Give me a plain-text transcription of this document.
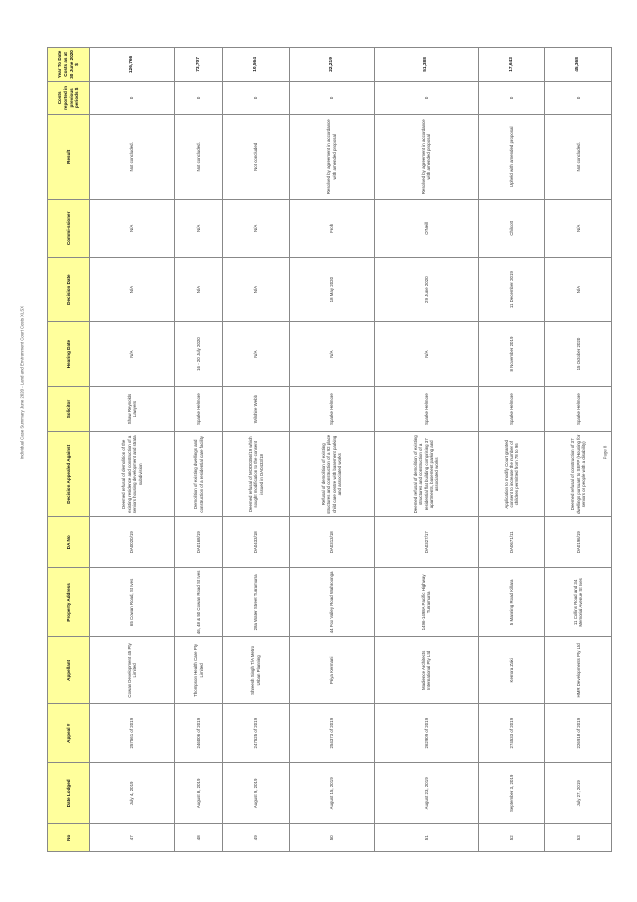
Individual Case Summary June 2020 - Land and Environment Court Costs XLSX	Page 8
No	Date Lodged	Appeal #	Appellant	Property Address	DA No	Decision Appealed Against	Solicitor	Hearing Date	Decision Date	Commi-ssioner	Result	Costs reported in previous periods $	Year To Date Costs as at 30 June 2020 $
47	July 4, 2019	257561 of 2019	Cowan Development 45 Pty Limited	65 Cowan Road, St Ives	DA0020/19	Deemed refusal of demolition of the existing residence and construction of a seniors housing development and strata subdivision	Shaw Reynolds Lawyers	N/A	N/A	N/A	Not concluded.	0	126,766
48	August 8, 2019	246006 of 2019	Thompson Health Care Pty Limited	46, 48 & 50 Cowan Road St Ives	DA0168/19	Demolition of existing dwellings and construction of a residential care facility	Sparke Helmore	16 - 20 July 2020	N/A	N/A	Not concluded.	0	73,707
49	August 9, 2019	247525 of 2019	Shreesh Singh T/A Metro Urban Planning	28a Water Street Turramurra	DA0433/18	Deemed refusal of MOD0356/19 which sought modification to the consent issued in DA0433/18	Wilshire Webb	N/A	N/A	N/A	Not concluded	0	10,564
50	August 15, 2019	254373 of 2019	Priya Kermani	44 Fox Valley Road Wahroonga	DA0313/18	Refusal of demolition of existing structures and construction of a 92 place child care centre with basement parking and associated works	Sparke Helmore	N/A	18 May 2020	Froh	Resolved by agreement in accordance with amended proposal	0	22,219
51	August 23, 2019	262909 of 2019	Madience Architects International Pty Ltd	1496-1498A Pacific Highway Turramurra	DA0327/17	Deemed refusal of demolition of existing structures and construction of a residential flat building comprising 37 apartments, basement parking and associated works	Sparke Helmore	N/A	29 June 2020	O'Neill	Resolved by agreement in accordance with amended proposal	0	51,388
52	September 3, 2019	274533 of 2019	Kerrora Zaki	5 Manning Road Killara	DA0671/11	Application to modify Court granted consent to increase the number of children permitted from 78 to 96	Sparke Helmore	8 November 2019	11 December 2019	Chilcott	Upheld with amended proposal	0	17,643
53	July 27, 2019	226918 of 2019	HMR Developments Pty Ltd	11 Collins Road and 34 Memorial Avenue St Ives	DA0196/19	Deemed refusal of construction of 37 dwellings pursuant to SEPP (Housing for seniors or people with a disability)	Sparke Helmore	15 October 2020	N/A	N/A	Not concluded.	0	45,368
